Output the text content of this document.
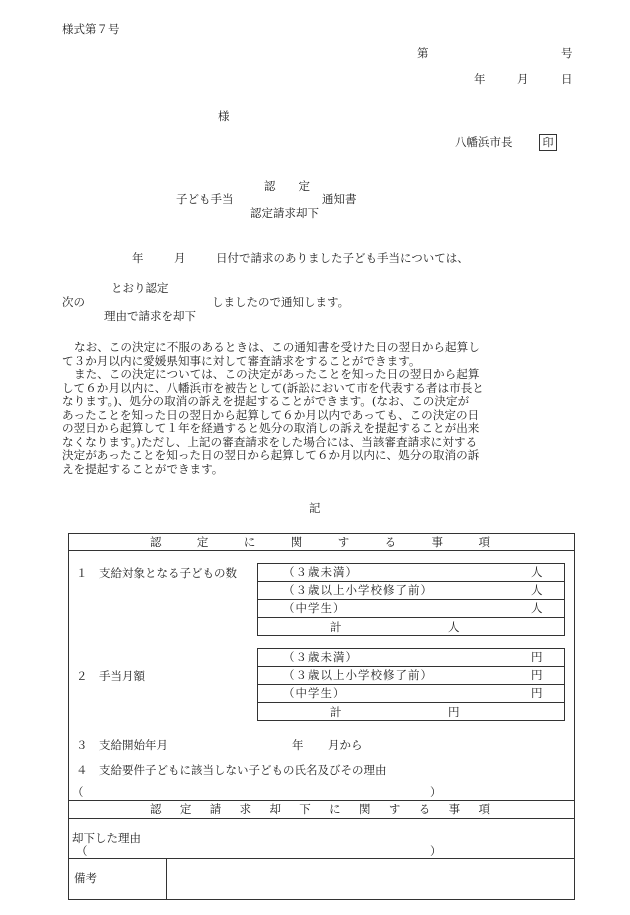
様式第７号
第	号
年	月	日
様
八幡浜市長	印
認　　定
子ども手当	通知書
認定請求却下
年	月	日付で請求のありました子ども手当については、
とおり認定
次の	しましたので通知します。
理由で請求を却下
なお、この決定に不服のあるときは、この通知書を受けた日の翌日から起算し
て３か月以内に愛媛県知事に対して審査請求をすることができます。
また、この決定については、この決定があったことを知った日の翌日から起算
して６か月以内に、八幡浜市を被告として(訴訟において市を代表する者は市長と
なります。)、処分の取消の訴えを提起することができます。(なお、この決定が
あったことを知った日の翌日から起算して６か月以内であっても、この決定の日
の翌日から起算して１年を経過すると処分の取消しの訴えを提起することが出来
なくなります。)ただし、上記の審査請求をした場合には、当該審査請求に対する
決定があったことを知った日の翌日から起算して６か月以内に、処分の取消の訴
えを提起することができます。
記
認	定	に	関	す	る	事	項
１　支給対象となる子どもの数	（３歳未満）	人
（３歳以上小学校修了前）	人
（中学生）	人
計	人
２　手当月額
（３歳未満）	円
（３歳以上小学校修了前）	円
（中学生）	円
計	円
３　支給開始年月	年 月から
４　支給要件子どもに該当しない子どもの氏名及びその理由
（	）
認 定 請 求 却 下 に 関 す る 事 項
却下した理由
（	）
備考
